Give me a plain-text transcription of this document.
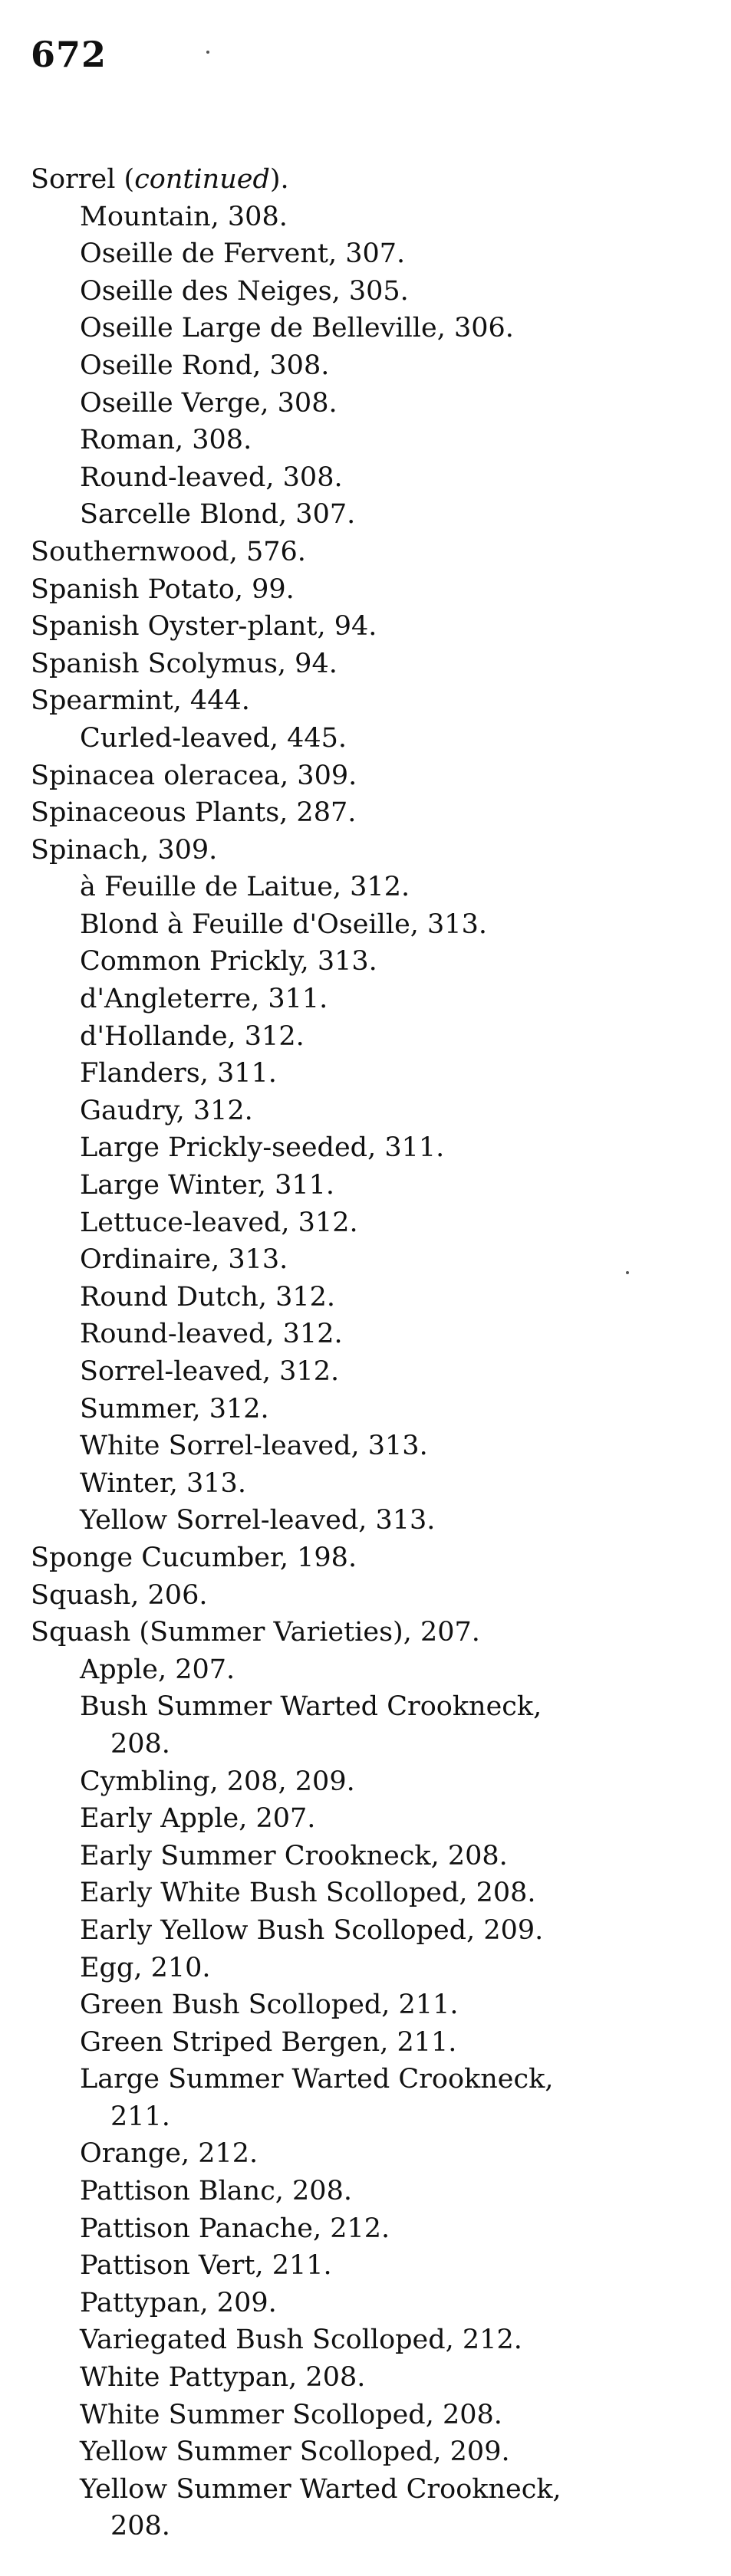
672
Sorrel (continued).
Mountain, 308.
Oseille de Fervent, 307.
Oseille des Neiges, 305.
Oseille Large de Belleville, 306.
Oseille Rond, 308.
Oseille Verge, 308.
Roman, 308.
Round-leaved, 308.
Sarcelle Blond, 307.
Southernwood, 576.
Spanish Potato, 99.
Spanish Oyster-plant, 94.
Spanish Scolymus, 94.
Spearmint, 444.
Curled-leaved, 445.
Spinacea oleracea, 309.
Spinaceous Plants, 287.
Spinach, 309.
à Feuille de Laitue, 312.
Blond à Feuille d'Oseille, 313.
Common Prickly, 313.
d'Angleterre, 311.
d'Hollande, 312.
Flanders, 311.
Gaudry, 312.
Large Prickly-seeded, 311.
Large Winter, 311.
Lettuce-leaved, 312.
Ordinaire, 313.
Round Dutch, 312.
Round-leaved, 312.
Sorrel-leaved, 312.
Summer, 312.
White Sorrel-leaved, 313.
Winter, 313.
Yellow Sorrel-leaved, 313.
Sponge Cucumber, 198.
Squash, 206.
Squash (Summer Varieties), 207.
Apple, 207.
Bush Summer Warted Crookneck,
208.
Cymbling, 208, 209.
Early Apple, 207.
Early Summer Crookneck, 208.
Early White Bush Scolloped, 208.
Early Yellow Bush Scolloped, 209.
Egg, 210.
Green Bush Scolloped, 211.
Green Striped Bergen, 211.
Large Summer Warted Crookneck,
211.
Orange, 212.
Pattison Blanc, 208.
Pattison Panache, 212.
Pattison Vert, 211.
Pattypan, 209.
Variegated Bush Scolloped, 212.
White Pattypan, 208.
White Summer Scolloped, 208.
Yellow Summer Scolloped, 209.
Yellow Summer Warted Crookneck,
208.
